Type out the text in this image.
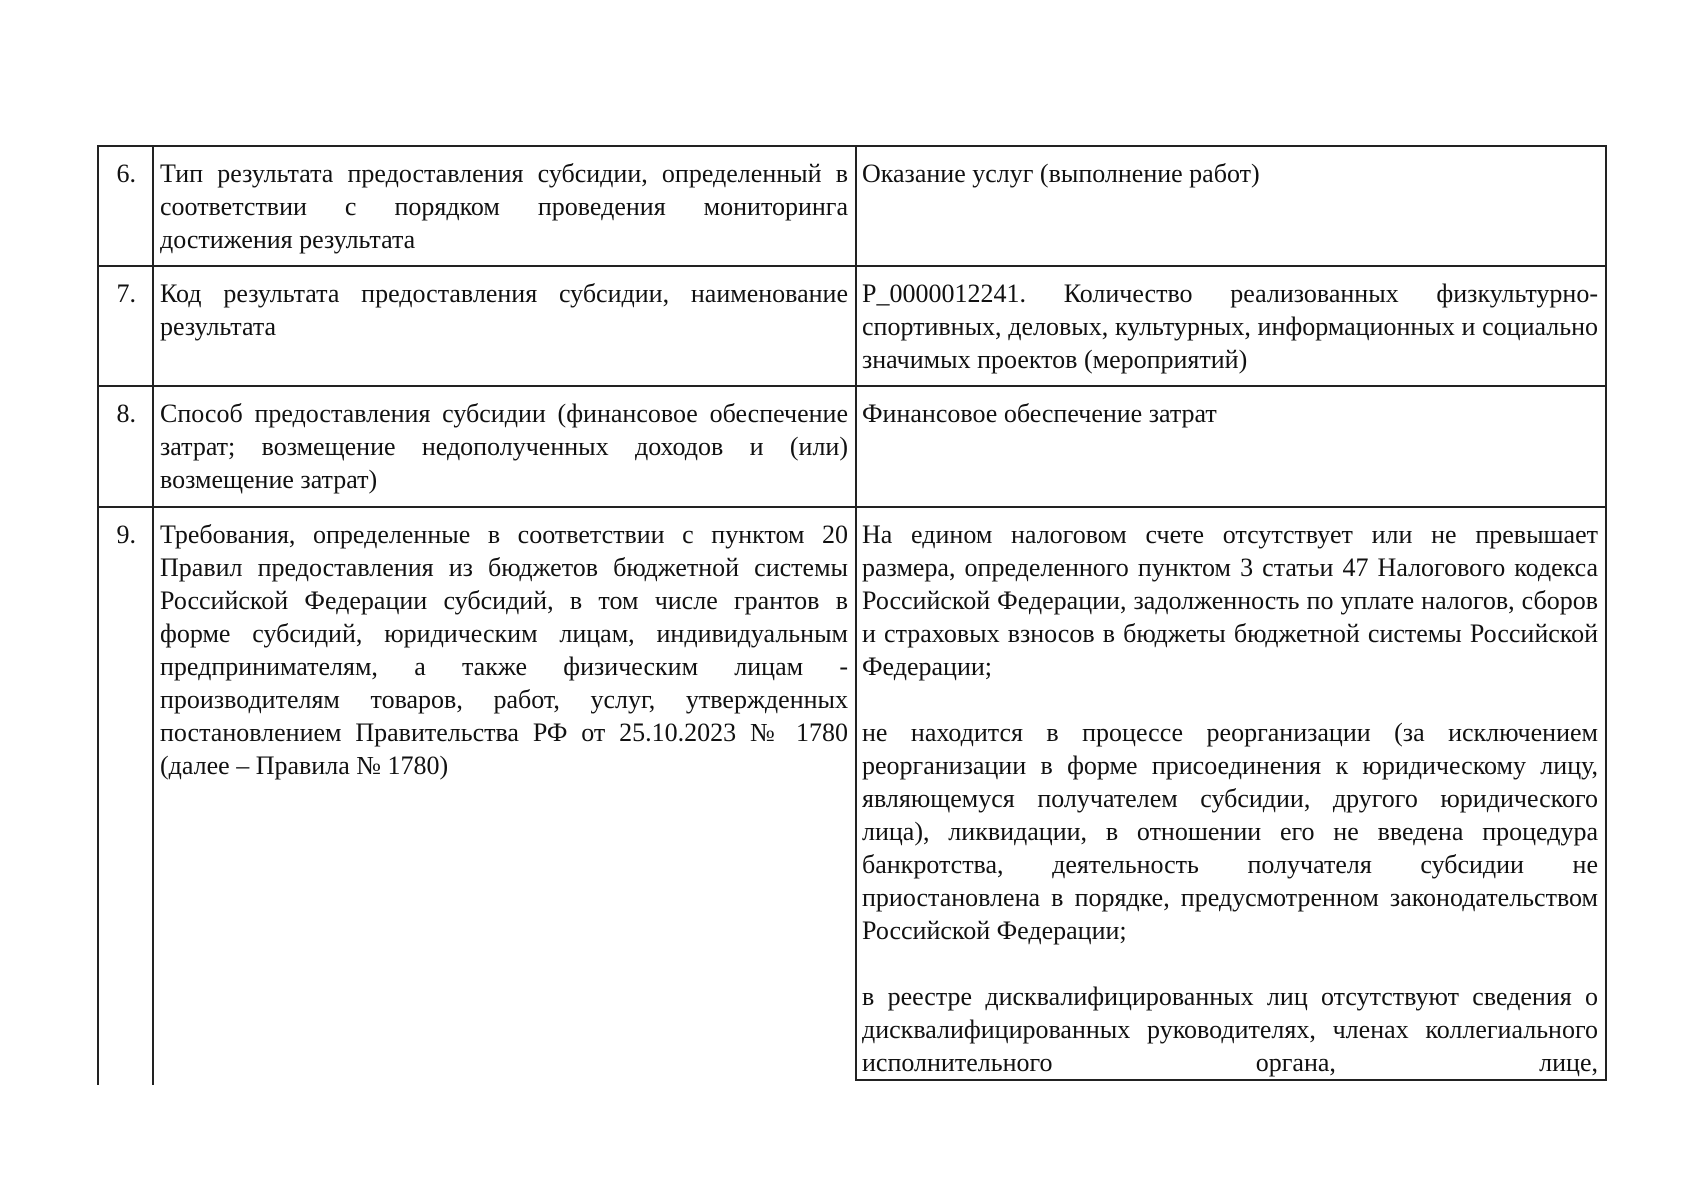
6. Тип результата предоставления субсидии, определенный в соответствии с порядком проведения мониторинга достижения результата

Оказание услуг (выполнение работ)

7. Код результата предоставления субсидии, наименование результата

P_0000012241. Количество реализованных физкультурно-спортивных, деловых, культурных, информационных и социально значимых проектов (мероприятий)

8. Способ предоставления субсидии (финансовое обеспечение затрат; возмещение недополученных доходов и (или) возмещение затрат)

Финансовое обеспечение затрат

9. Требования, определенные в соответствии с пунктом 20 Правил предоставления из бюджетов бюджетной системы Российской Федерации субсидий, в том числе грантов в форме субсидий, юридическим лицам, индивидуальным предпринимателям, а также физическим лицам - производителям товаров, работ, услуг, утвержденных постановлением Правительства РФ от 25.10.2023 № 1780 (далее – Правила № 1780)

На едином налоговом счете отсутствует или не превышает размера, определенного пунктом 3 статьи 47 Налогового кодекса Российской Федерации, задолженность по уплате налогов, сборов и страховых взносов в бюджеты бюджетной системы Российской Федерации;

не находится в процессе реорганизации (за исключением реорганизации в форме присоединения к юридическому лицу, являющемуся получателем субсидии, другого юридического лица), ликвидации, в отношении его не введена процедура банкротства, деятельность получателя субсидии не приостановлена в порядке, предусмотренном законодательством Российской Федерации;

в реестре дисквалифицированных лиц отсутствуют сведения о дисквалифицированных руководителях, членах коллегиального исполнительного органа, лице,
